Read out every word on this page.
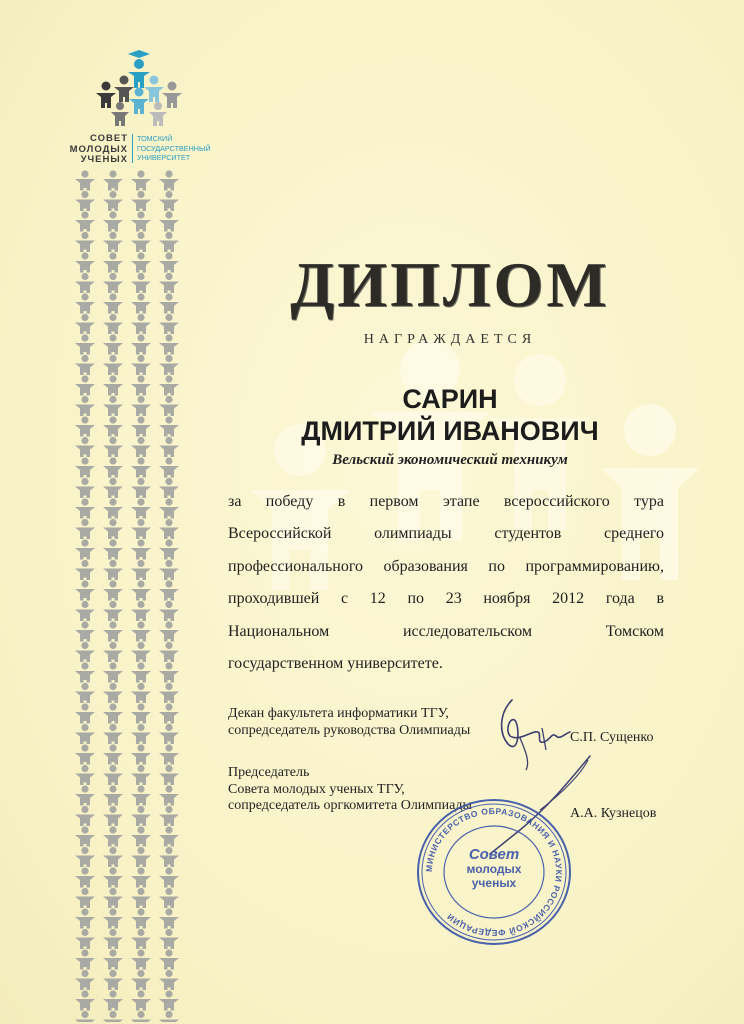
СОВЕТ
МОЛОДЫХ
УЧЕНЫХ
ТОМСКИЙ
ГОСУДАРСТВЕННЫЙ
УНИВЕРСИТЕТ
ДИПЛОМ
НАГРАЖДАЕТСЯ
САРИН
ДМИТРИЙ ИВАНОВИЧ
Вельский экономический техникум
за победу в первом этапе всероссийского тура
Всероссийской олимпиады студентов среднего
профессионального образования по программированию,
проходившей с 12 по 23 ноября 2012 года в
Национальном исследовательском Томском
государственном университете.
Декан факультета информатики ТГУ,
сопредседатель руководства Олимпиады	С.П. Сущенко
Председатель
Совета молодых ученых ТГУ,
сопредседатель оргкомитета Олимпиады
А.А. Кузнецов
МИНИСТЕРСТВО ОБРАЗОВАНИЯ И НАУКИ РОССИЙСКОЙ ФЕДЕРАЦИИ
Совет
молодых
ученых
